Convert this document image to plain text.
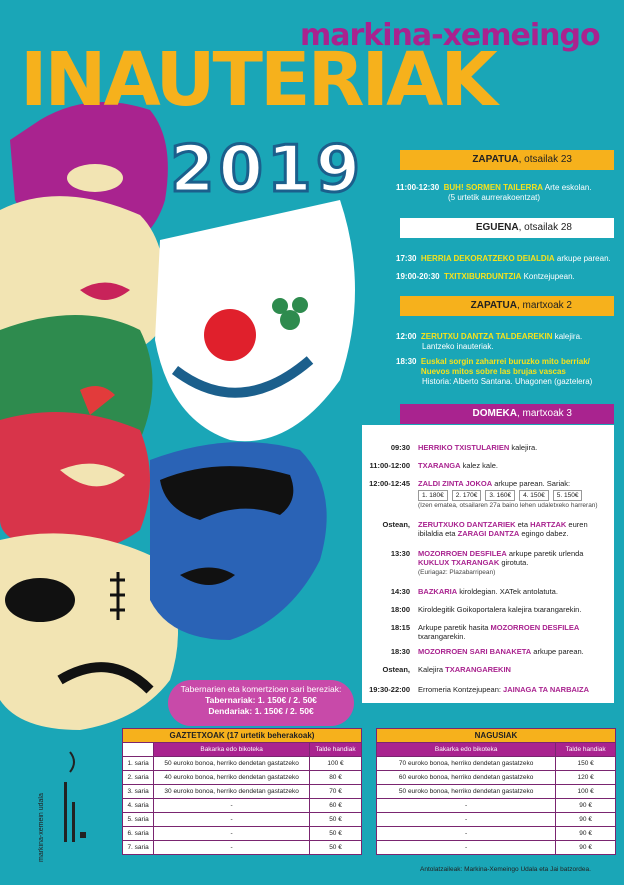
markina-xemeingo
INAUTERIAK
2019	ZAPATUA, otsailak 23
11:00-12:30 BUH! SORMEN TAILERRA Arte eskolan.
(5 urtetik aurrerakoentzat)
EGUENA, otsailak 28
17:30 HERRIA DEKORATZEKO DEIALDIA arkupe parean.
19:00-20:30 TXITXIBURDUNTZIA Kontzejupean.
ZAPATUA, martxoak 2
12:00 ZERUTXU DANTZA TALDEAREKIN kalejira.
Lantzeko inauteriak.
18:30 Euskal sorgin zaharrei buruzko mito berriak/ Nuevos mitos sobre las brujas vascas
Historia: Alberto Santana. Uhagonen (gaztelera)
DOMEKA, martxoak 3
09:30 HERRIKO TXISTULARIEN kalejira.
11:00-12:00 TXARANGA kalez kale.
12:00-12:45 ZALDI ZINTA JOKOA arkupe parean. Sariak:
1. 180€	2. 170€	3. 160€	4. 150€	5. 150€
(Izen ematea, otsailaren 27a baino lehen udaletxeko harreran)
Ostean, ZERUTXUKO DANTZARIEK eta HARTZAK euren ibilaldia eta ZARAGI DANTZA egingo dabez.
13:30 MOZORROEN DESFILEA arkupe paretik urlenda KUKLUX TXARANGAK girotuta.
(Euriagaz: Plazabarripean)
14:30 BAZKARIA kiroldegian. XATek antolatuta.
18:00 Kiroldegitik Goikoportalera kalejira txarangarekin.
18:15 Arkupe paretik hasita MOZORROEN DESFILEA txarangarekin.
18:30 MOZORROEN SARI BANAKETA arkupe parean.
Ostean, Kalejira TXARANGAREKIN
19:30-22:00 Erromeria Kontzejupean: JAINAGA TA NARBAIZA
Tabernarien eta komertzioen sari bereziak:
Tabernariak: 1. 150€ / 2. 50€
Dendariak: 1. 150€ / 2. 50€
GAZTETXOAK (17 urtetik beherakoak)		
	Bakarka edo bikoteka	Talde handiak
1. saria	50 euroko bonoa, herriko dendetan gastatzeko	100 €
2. saria	40 euroko bonoa, herriko dendetan gastatzeko	80 €
3. saria	30 euroko bonoa, herriko dendetan gastatzeko	70 €
4. saria	-	60 €
5. saria	-	50 €
6. saria	-	50 €
7. saria	-	50 €
NAGUSIAK	
Bakarka edo bikoteka	Talde handiak
70 euroko bonoa, herriko dendetan gastatzeko	150 €
60 euroko bonoa, herriko dendetan gastatzeko	120 €
50 euroko bonoa, herriko dendetan gastatzeko	100 €
-	90 €
-	90 €
-	90 €
-	90 €
markina-xemein udala
Antolatzaileak: Markina-Xemeingo Udala eta Jai batzordea.
